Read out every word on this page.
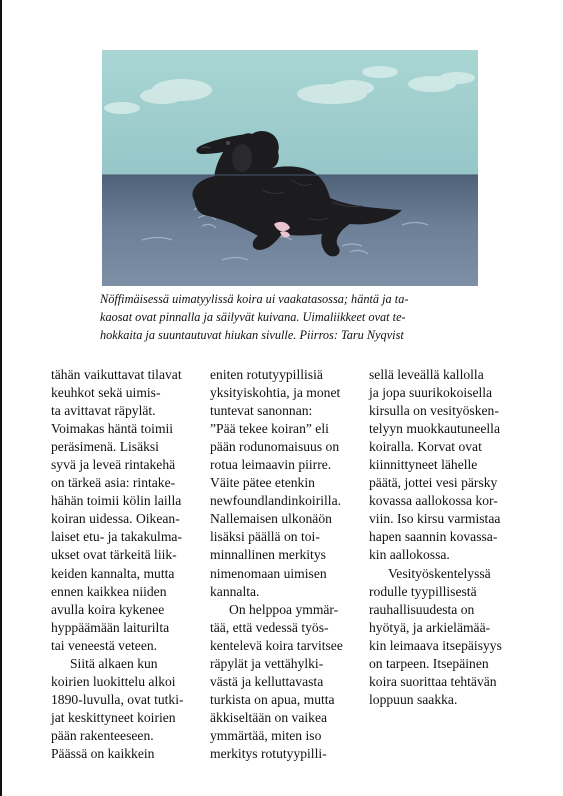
Nöffimäisessä uimatyylissä koira ui vaakatasossa; häntä ja ta-
kaosat ovat pinnalla ja säilyvät kuivana. Uimaliikkeet ovat te-
hokkaita ja suuntautuvat hiukan sivulle. Piirros: Taru Nyqvist
tähän vaikuttavat tilavat
keuhkot sekä uimis-
ta avittavat räpylät.
Voimakas häntä toimii
peräsimenä. Lisäksi
syvä ja leveä rintakehä
on tärkeä asia: rintake-
hähän toimii kölin lailla
koiran uidessa. Oikean-
laiset etu- ja takakulma-
ukset ovat tärkeitä liik-
keiden kannalta, mutta
ennen kaikkea niiden
avulla koira kykenee
hyppäämään laiturilta
tai veneestä veteen.
Siitä alkaen kun
koirien luokittelu alkoi
1890-luvulla, ovat tutki-
jat keskittyneet koirien
pään rakenteeseen.
Päässä on kaikkein
eniten rotutyypillisiä
yksityiskohtia, ja monet
tuntevat sanonnan:
”Pää tekee koiran” eli
pään rodunomaisuus on
rotua leimaavin piirre.
Väite pätee etenkin
newfoundlandinkoirilla.
Nallemaisen ulkonäön
lisäksi päällä on toi-
minnallinen merkitys
nimenomaan uimisen
kannalta.
On helppoa ymmär-
tää, että vedessä työs-
kentelevä koira tarvitsee
räpylät ja vettähylki-
västä ja kelluttavasta
turkista on apua, mutta
äkkiseltään on vaikea
ymmärtää, miten iso
merkitys rotutyypilli-
sellä leveällä kallolla
ja jopa suurikokoisella
kirsulla on vesityösken-
telyyn muokkautuneella
koiralla. Korvat ovat
kiinnittyneet lähelle
päätä, jottei vesi pärsky
kovassa aallokossa kor-
viin. Iso kirsu varmistaa
hapen saannin kovassa-
kin aallokossa.
Vesityöskentelyssä
rodulle tyypillisestä
rauhallisuudesta on
hyötyä, ja arkielämää-
kin leimaava itsepäisyys
on tarpeen. Itsepäinen
koira suorittaa tehtävän
loppuun saakka.
